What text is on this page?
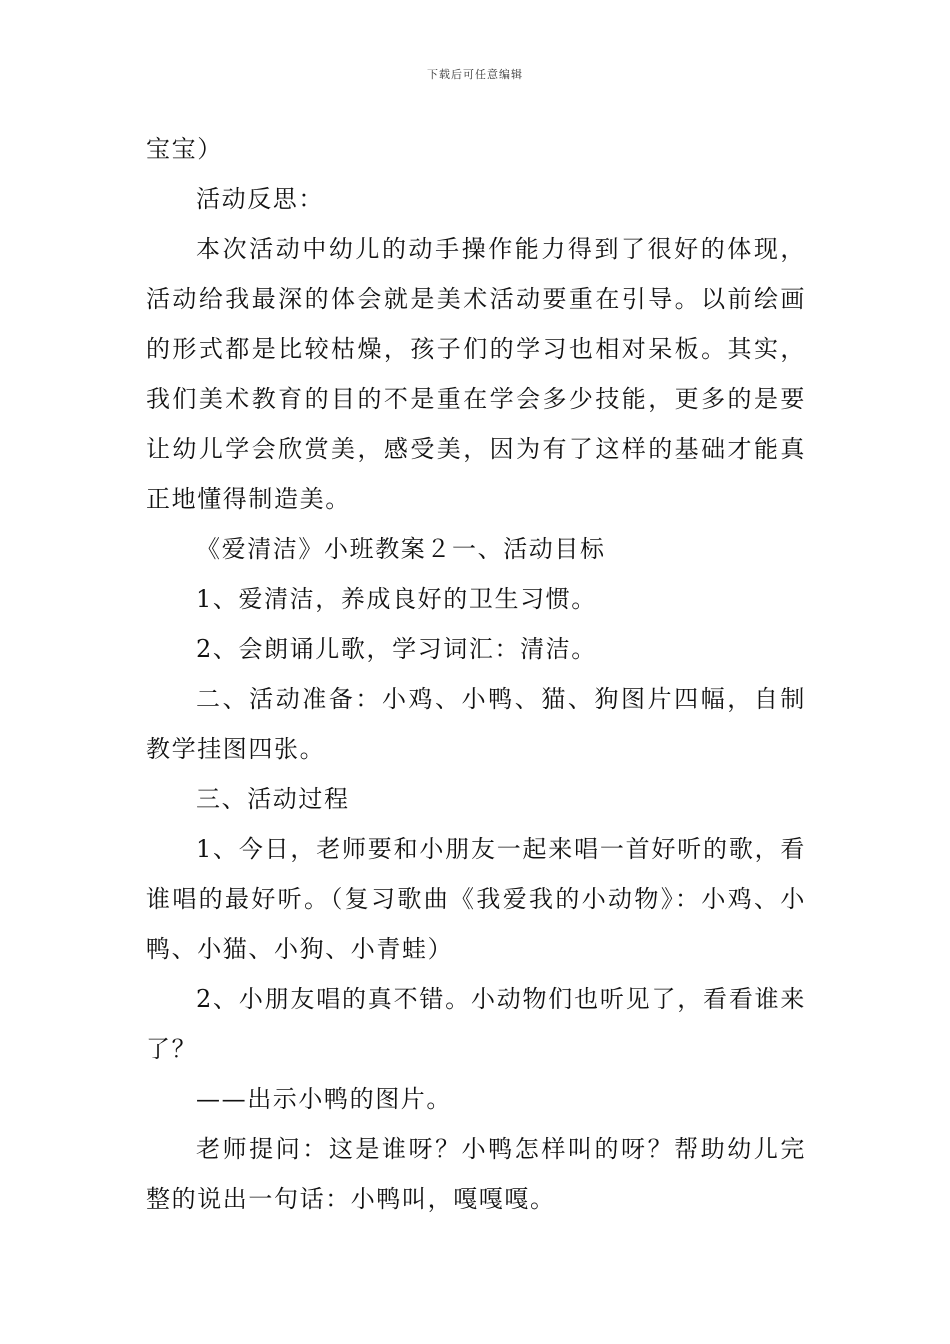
下载后可任意编辑

宝宝）

活动反思：

本次活动中幼儿的动手操作能力得到了很好的体现，活动给我最深的体会就是美术活动要重在引导。以前绘画的形式都是比较枯燥，孩子们的学习也相对呆板。其实，我们美术教育的目的不是重在学会多少技能，更多的是要让幼儿学会欣赏美，感受美，因为有了这样的基础才能真正地懂得制造美。

《爱清洁》小班教案２一、活动目标

1、爱清洁，养成良好的卫生习惯。

2、会朗诵儿歌，学习词汇：清洁。

二、活动准备：小鸡、小鸭、猫、狗图片四幅，自制教学挂图四张。

三、活动过程

1、今日，老师要和小朋友一起来唱一首好听的歌，看谁唱的最好听。（复习歌曲《我爱我的小动物》：小鸡、小鸭、小猫、小狗、小青蛙）

2、小朋友唱的真不错。小动物们也听见了，看看谁来了？

——出示小鸭的图片。

老师提问：这是谁呀？小鸭怎样叫的呀？帮助幼儿完整的说出一句话：小鸭叫，嘎嘎嘎。
